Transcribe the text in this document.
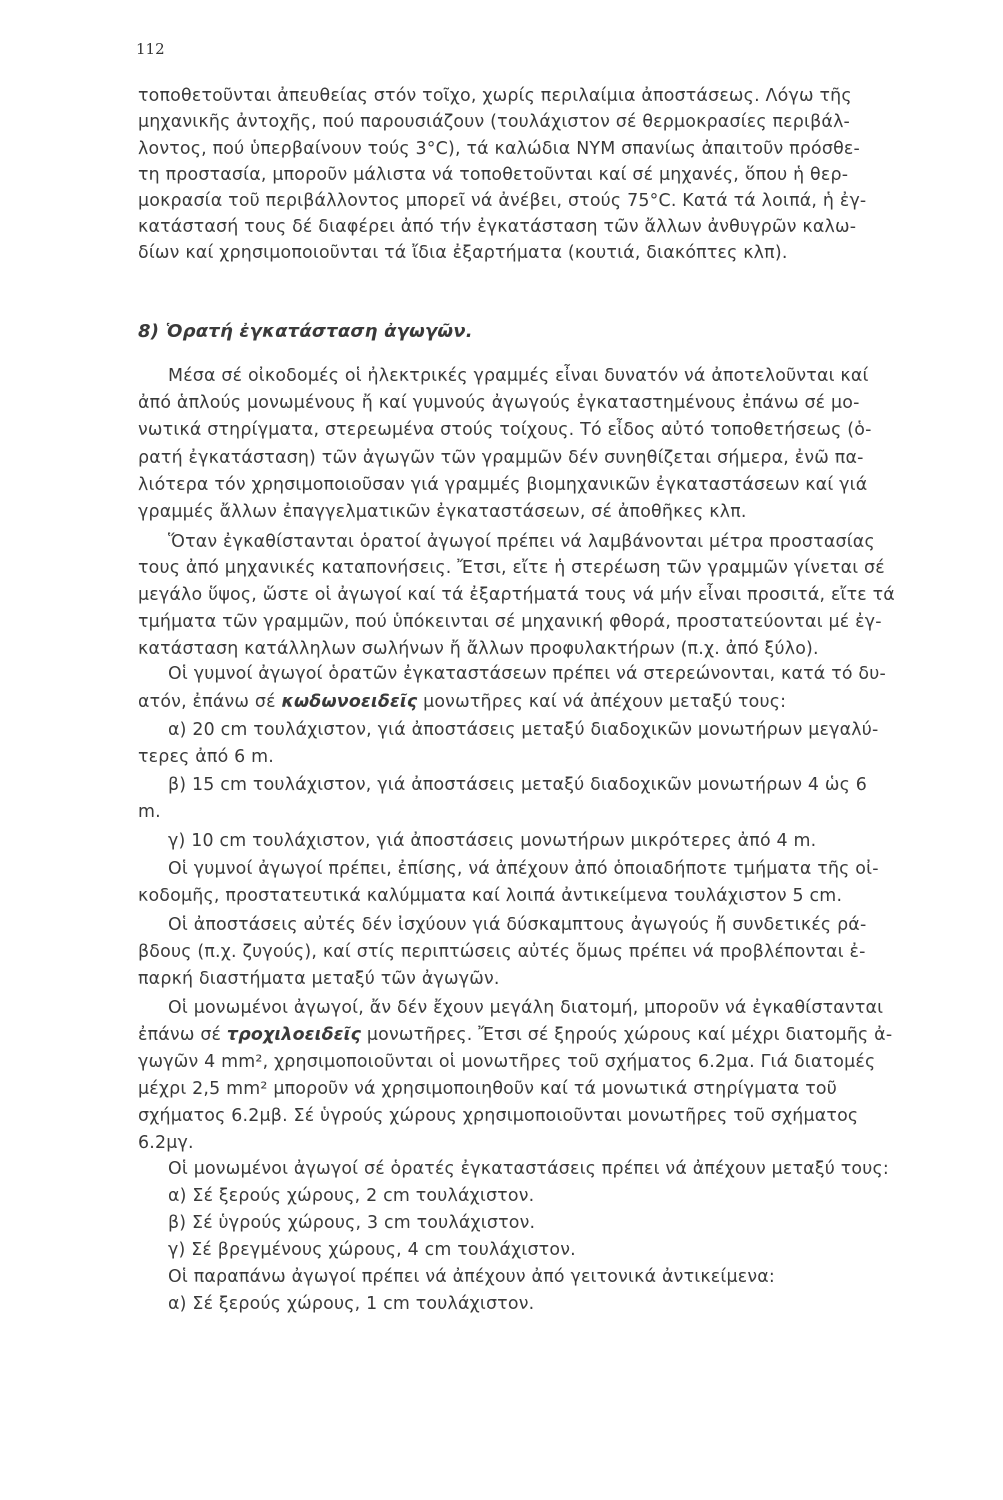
112
τοποθετοῦνται ἀπευθείας στόν τοῖχο, χωρίς περιλαίμια ἀποστάσεως. Λόγω τῆς
μηχανικῆς ἀντοχῆς, πού παρουσιάζουν (τουλάχιστον σέ θερμοκρασίες περιβάλ-
λοντος, πού ὑπερβαίνουν τούς 3°C), τά καλώδια NYM σπανίως ἀπαιτοῦν πρόσθε-
τη προστασία, μποροῦν μάλιστα νά τοποθετοῦνται καί σέ μηχανές, ὅπου ἡ θερ-
μοκρασία τοῦ περιβάλλοντος μπορεῖ νά ἀνέβει, στούς 75°C. Κατά τά λοιπά, ἡ ἐγ-
κατάστασή τους δέ διαφέρει ἀπό τήν ἐγκατάσταση τῶν ἄλλων ἀνθυγρῶν καλω-
δίων καί χρησιμοποιοῦνται τά ἴδια ἐξαρτήματα (κουτιά, διακόπτες κλπ).
8) Ὁρατή ἐγκατάσταση ἀγωγῶν.
Μέσα σέ οἰκοδομές οἱ ἠλεκτρικές γραμμές εἶναι δυνατόν νά ἀποτελοῦνται καί
ἀπό ἁπλούς μονωμένους ἤ καί γυμνούς ἀγωγούς ἐγκαταστημένους ἐπάνω σέ μο-
νωτικά στηρίγματα, στερεωμένα στούς τοίχους. Τό εἶδος αὐτό τοποθετήσεως (ὁ-
ρατή ἐγκατάσταση) τῶν ἀγωγῶν τῶν γραμμῶν δέν συνηθίζεται σήμερα, ἐνῶ πα-
λιότερα τόν χρησιμοποιοῦσαν γιά γραμμές βιομηχανικῶν ἐγκαταστάσεων καί γιά
γραμμές ἄλλων ἐπαγγελματικῶν ἐγκαταστάσεων, σέ ἀποθῆκες κλπ.
Ὅταν ἐγκαθίστανται ὁρατοί ἀγωγοί πρέπει νά λαμβάνονται μέτρα προστασίας
τους ἀπό μηχανικές καταπονήσεις. Ἔτσι, εἴτε ἡ στερέωση τῶν γραμμῶν γίνεται σέ
μεγάλο ὕψος, ὥστε οἱ ἀγωγοί καί τά ἐξαρτήματά τους νά μήν εἶναι προσιτά, εἴτε τά
τμήματα τῶν γραμμῶν, πού ὑπόκεινται σέ μηχανική φθορά, προστατεύονται μέ ἐγ-
κατάσταση κατάλληλων σωλήνων ἤ ἄλλων προφυλακτήρων (π.χ. ἀπό ξύλο).
Οἱ γυμνοί ἀγωγοί ὁρατῶν ἐγκαταστάσεων πρέπει νά στερεώνονται, κατά τό δυ-
ατόν, ἐπάνω σέ κωδωνοειδεῖς μονωτῆρες καί νά ἀπέχουν μεταξύ τους:
α) 20 cm τουλάχιστον, γιά ἀποστάσεις μεταξύ διαδοχικῶν μονωτήρων μεγαλύ-
τερες ἀπό 6 m.
β) 15 cm τουλάχιστον, γιά ἀποστάσεις μεταξύ διαδοχικῶν μονωτήρων 4 ὡς 6
m.
γ) 10 cm τουλάχιστον, γιά ἀποστάσεις μονωτήρων μικρότερες ἀπό 4 m.
Οἱ γυμνοί ἀγωγοί πρέπει, ἐπίσης, νά ἀπέχουν ἀπό ὁποιαδήποτε τμήματα τῆς οἰ-
κοδομῆς, προστατευτικά καλύμματα καί λοιπά ἀντικείμενα τουλάχιστον 5 cm.
Οἱ ἀποστάσεις αὐτές δέν ἰσχύουν γιά δύσκαμπτους ἀγωγούς ἤ συνδετικές ρά-
βδους (π.χ. ζυγούς), καί στίς περιπτώσεις αὐτές ὅμως πρέπει νά προβλέπονται ἐ-
παρκή διαστήματα μεταξύ τῶν ἀγωγῶν.
Οἱ μονωμένοι ἀγωγοί, ἄν δέν ἔχουν μεγάλη διατομή, μποροῦν νά ἐγκαθίστανται
ἐπάνω σέ τροχιλοειδεῖς μονωτῆρες. Ἔτσι σέ ξηρούς χώρους καί μέχρι διατομῆς ἀ-
γωγῶν 4 mm², χρησιμοποιοῦνται οἱ μονωτῆρες τοῦ σχήματος 6.2μα. Γιά διατομές
μέχρι 2,5 mm² μποροῦν νά χρησιμοποιηθοῦν καί τά μονωτικά στηρίγματα τοῦ
σχήματος 6.2μβ. Σέ ὑγρούς χώρους χρησιμοποιοῦνται μονωτῆρες τοῦ σχήματος
6.2μγ.
Οἱ μονωμένοι ἀγωγοί σέ ὁρατές ἐγκαταστάσεις πρέπει νά ἀπέχουν μεταξύ τους:
α) Σέ ξερούς χώρους, 2 cm τουλάχιστον.
β) Σέ ὑγρούς χώρους, 3 cm τουλάχιστον.
γ) Σέ βρεγμένους χώρους, 4 cm τουλάχιστον.
Οἱ παραπάνω ἀγωγοί πρέπει νά ἀπέχουν ἀπό γειτονικά ἀντικείμενα:
α) Σέ ξερούς χώρους, 1 cm τουλάχιστον.
